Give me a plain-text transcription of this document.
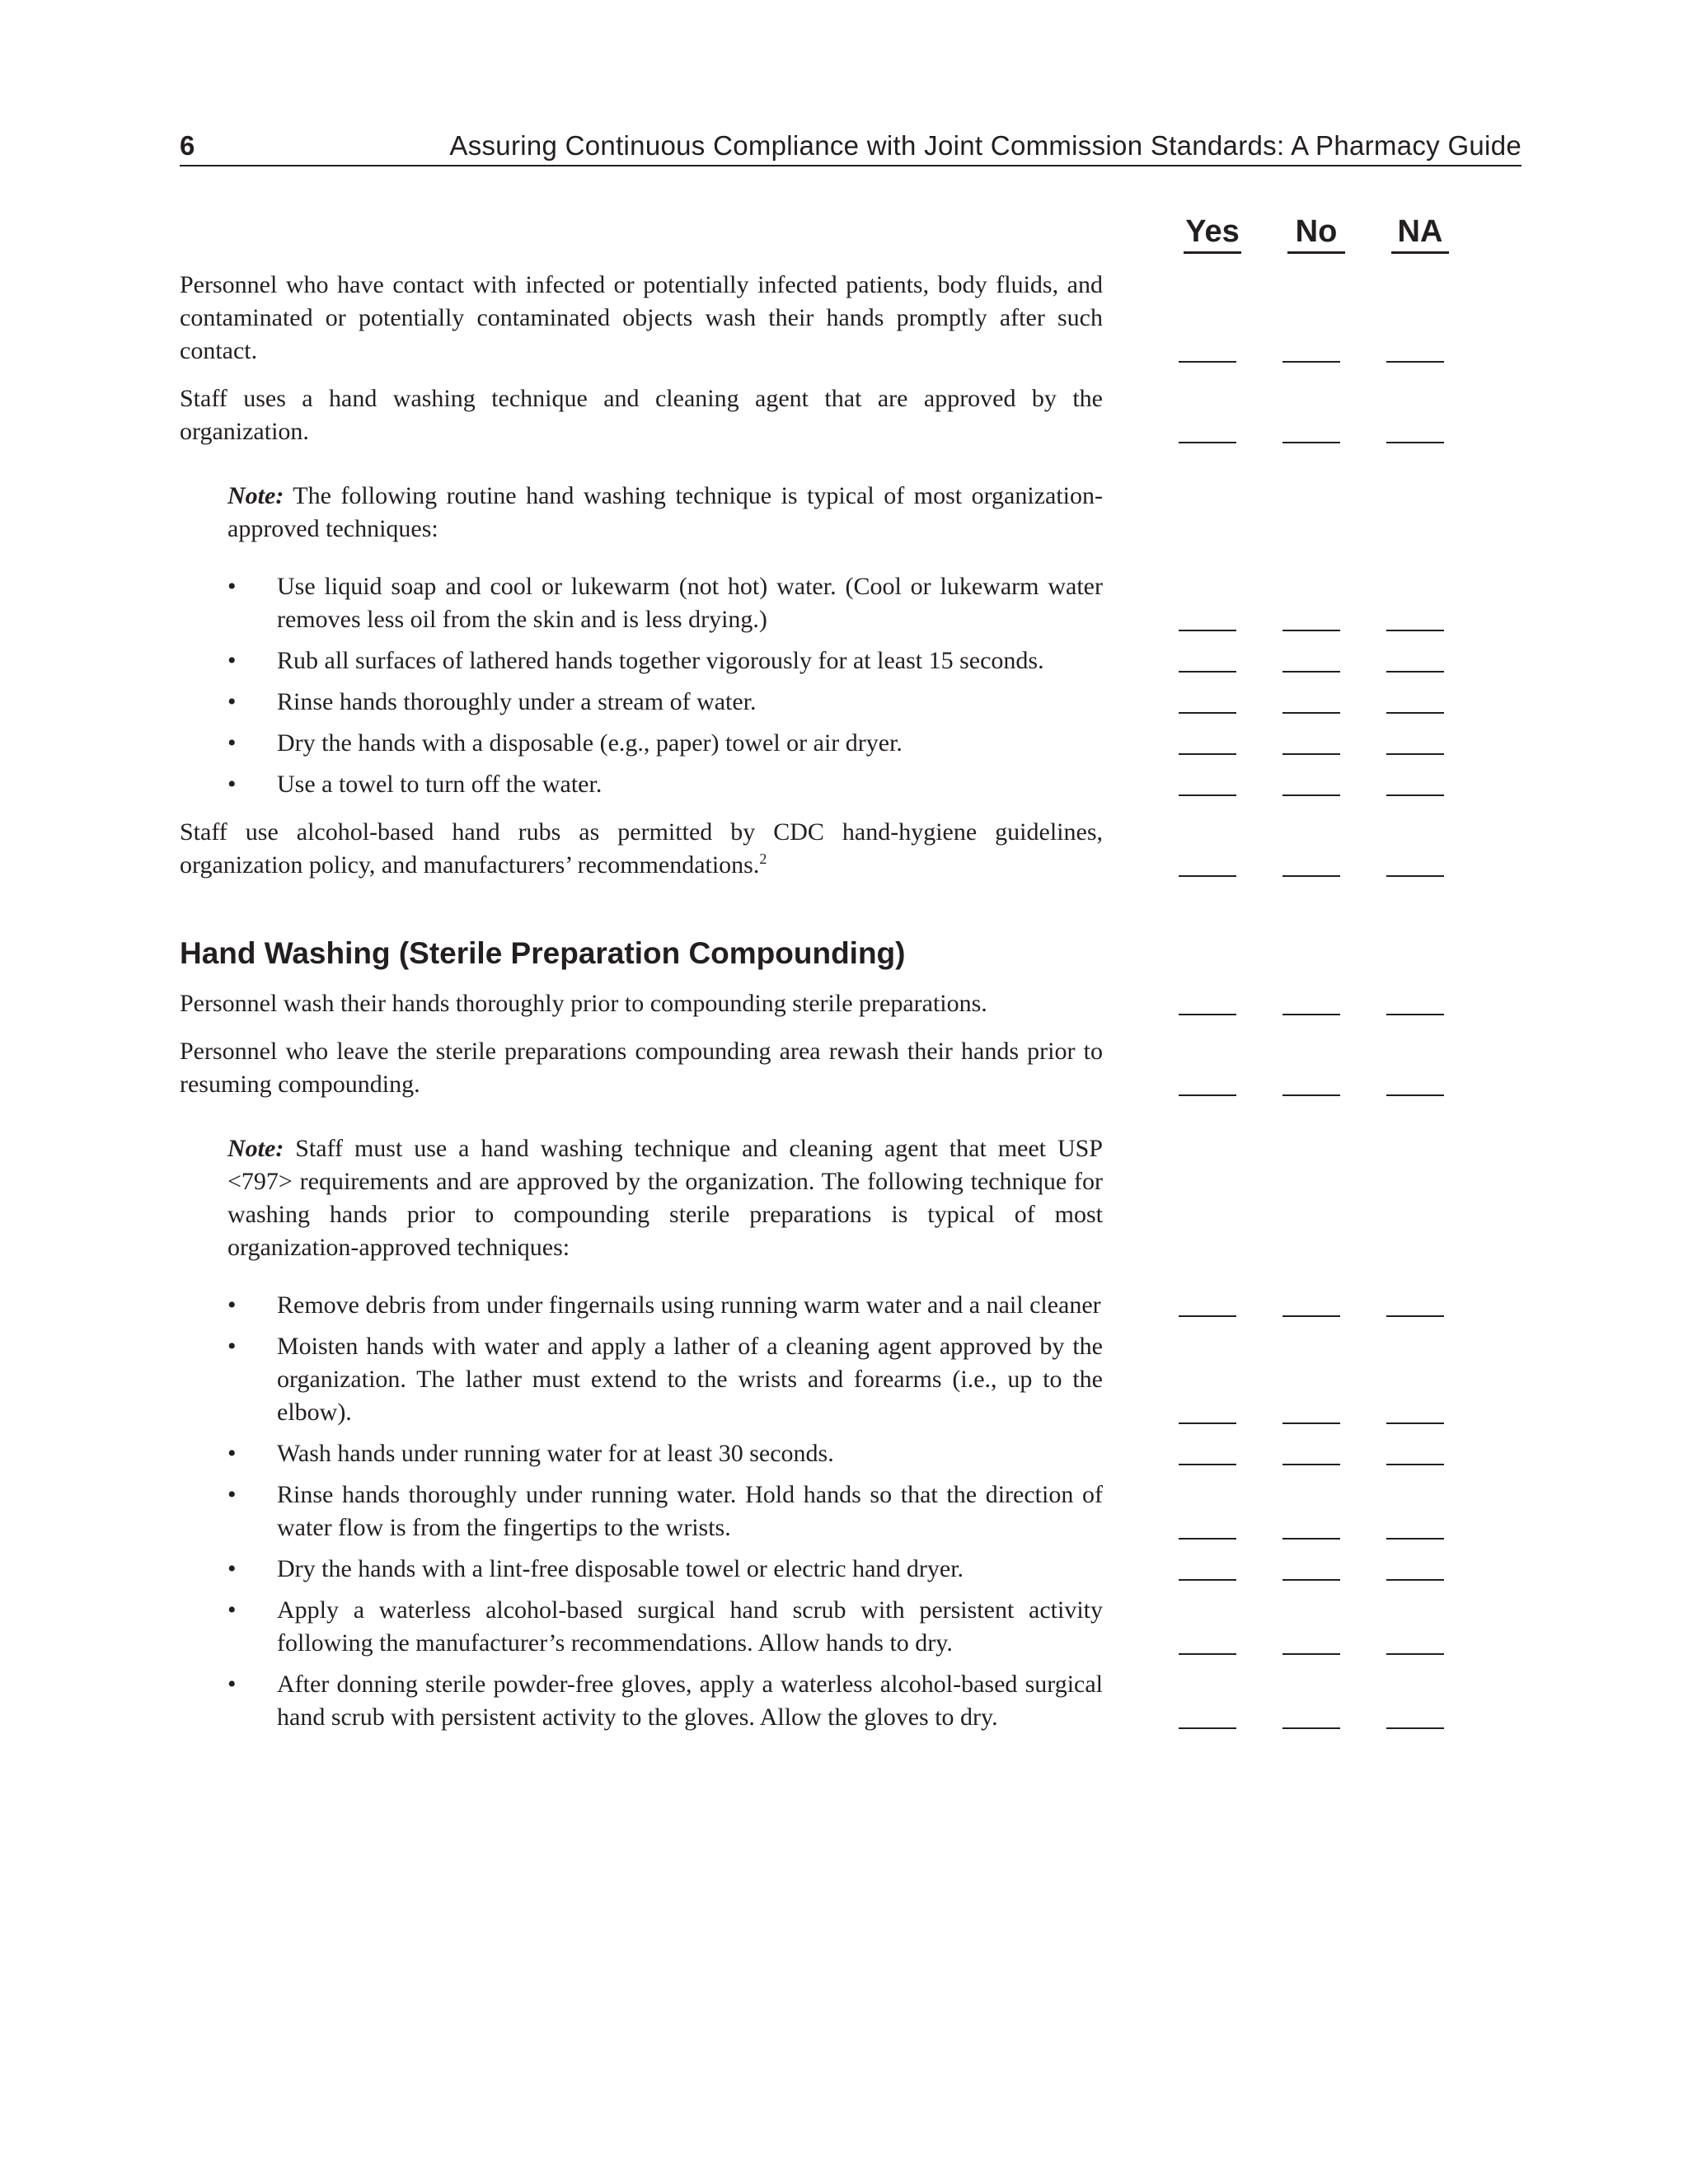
6	Assuring Continuous Compliance with Joint Commission Standards: A Pharmacy Guide
Yes No NA
Personnel who have contact with infected or potentially infected patients, body fluids, and contaminated or potentially contaminated objects wash their hands promptly after such contact.
Staff uses a hand washing technique and cleaning agent that are approved by the organization.
Note: The following routine hand washing technique is typical of most organization-approved techniques:
•	Use liquid soap and cool or lukewarm (not hot) water. (Cool or lukewarm water removes less oil from the skin and is less drying.)
•	Rub all surfaces of lathered hands together vigorously for at least 15 seconds.
•	Rinse hands thoroughly under a stream of water.
•	Dry the hands with a disposable (e.g., paper) towel or air dryer.
•	Use a towel to turn off the water.
Staff use alcohol-based hand rubs as permitted by CDC hand-hygiene guidelines, organization policy, and manufacturers’ recommendations.$^2$
Hand Washing (Sterile Preparation Compounding)
Personnel wash their hands thoroughly prior to compounding sterile preparations.
Personnel who leave the sterile preparations compounding area rewash their hands prior to resuming compounding.
Note: Staff must use a hand washing technique and cleaning agent that meet USP <797> requirements and are approved by the organization. The following technique for washing hands prior to compounding sterile preparations is typical of most organization-approved techniques:
•	Remove debris from under fingernails using running warm water and a nail cleaner
•	Moisten hands with water and apply a lather of a cleaning agent approved by the organization. The lather must extend to the wrists and forearms (i.e., up to the elbow).
•	Wash hands under running water for at least 30 seconds.
•	Rinse hands thoroughly under running water. Hold hands so that the direction of water flow is from the fingertips to the wrists.
•	Dry the hands with a lint-free disposable towel or electric hand dryer.
•	Apply a waterless alcohol-based surgical hand scrub with persistent activity following the manufacturer’s recommendations. Allow hands to dry.
•	After donning sterile powder-free gloves, apply a waterless alcohol-based surgical hand scrub with persistent activity to the gloves. Allow the gloves to dry.
